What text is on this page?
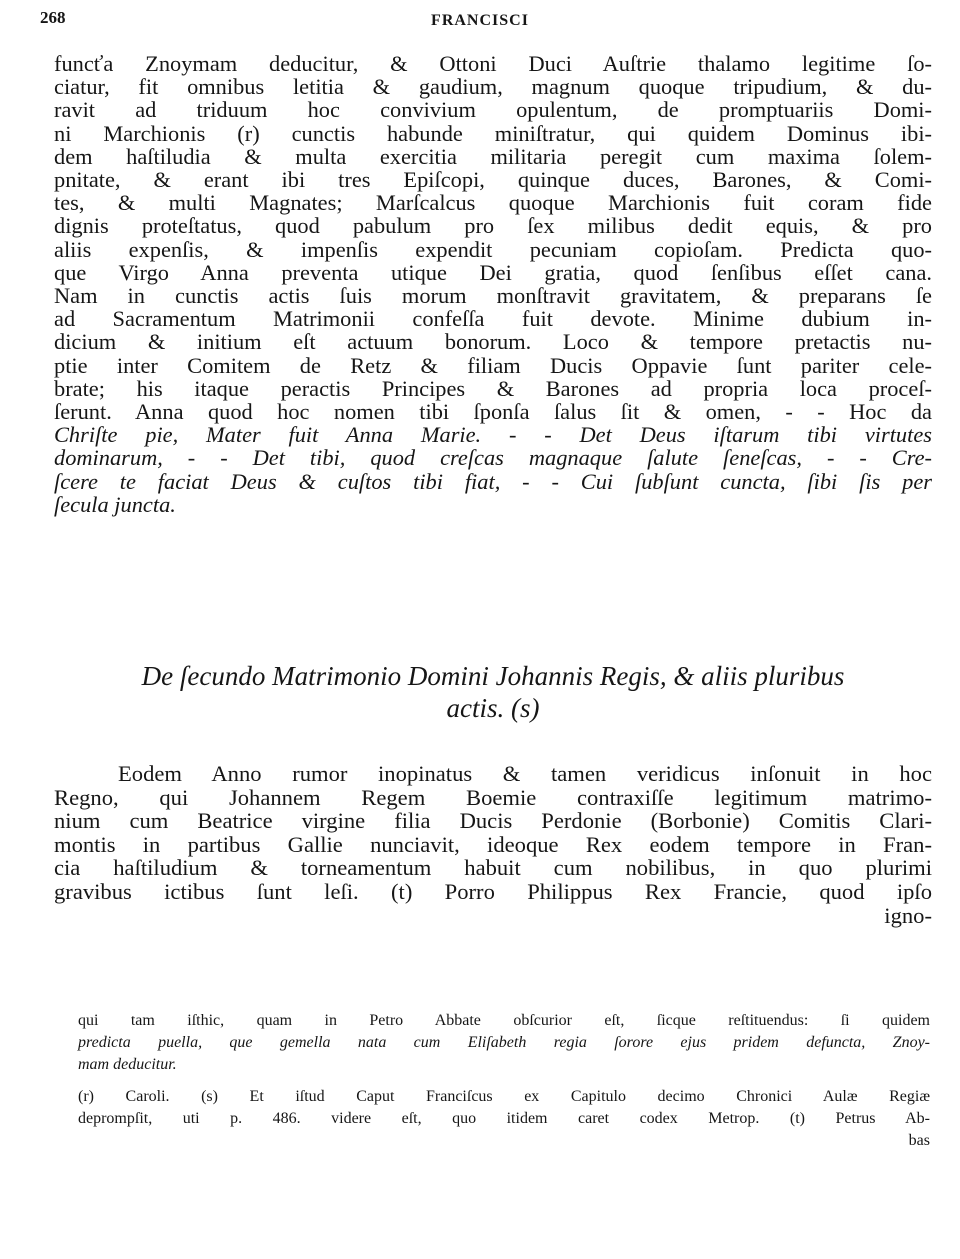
268	FRANCISCI

funcťa Znoymam deducitur, & Ottoni Duci Auſtrie thalamo legitime ſo-

ciatur, fit omnibus letitia & gaudium, magnum quoque tripudium, & du-

ravit ad triduum hoc convivium opulentum, de promptuariis Domi-

ni Marchionis (r) cunctis habunde miniſtratur, qui quidem Dominus ibi-

dem haſtiludia & multa exercitia militaria peregit cum maxima ſolem-

pnitate, & erant ibi tres Epiſcopi, quinque duces, Barones, & Comi-

tes, & multi Magnates; Marſcalcus quoque Marchionis fuit coram fide

dignis proteſtatus, quod pabulum pro ſex milibus dedit equis, & pro

aliis expenſis, & impenſis expendit pecuniam copioſam. Predicta quo-

que Virgo Anna preventa utique Dei gratia, quod ſenſibus eſſet cana.

Nam in cunctis actis ſuis morum monſtravit gravitatem, & preparans ſe

ad Sacramentum Matrimonii confeſſa fuit devote. Minime dubium in-

dicium & initium eſt actuum bonorum. Loco & tempore pretactis nu-

ptie inter Comitem de Retz & filiam Ducis Oppavie ſunt pariter cele-

brate; his itaque peractis Principes & Barones ad propria loca proceſ-

ſerunt. Anna quod hoc nomen tibi ſponſa ſalus ſit & omen, - - Hoc da

Chriſte pie, Mater fuit Anna Marie. - - Det Deus iſtarum tibi virtutes

dominarum, - - Det tibi, quod creſcas magnaque ſalute ſeneſcas, - - Cre-

ſcere te faciat Deus & cuſtos tibi fiat, - - Cui ſubſunt cuncta, ſibi ſis per

ſecula juncta.

De ſecundo Matrimonio Domini Johannis Regis, & aliis pluribus

actis. (s)

Eodem Anno rumor inopinatus & tamen veridicus inſonuit in hoc

Regno, qui Johannem Regem Boemie contraxiſſe legitimum matrimo-

nium cum Beatrice virgine filia Ducis Perdonie (Borbonie) Comitis Clari-

montis in partibus Gallie nunciavit, ideoque Rex eodem tempore in Fran-

cia haſtiludium & torneamentum habuit cum nobilibus, in quo plurimi

gravibus ictibus ſunt leſi. (t) Porro Philippus Rex Francie, quod ipſo

igno-

qui tam iſthic, quam in Petro Abbate obſcurior eſt, ſicque reſtituendus: ſi quidem

predicta puella, que gemella nata cum Eliſabeth regia ſorore ejus pridem defuncta, Znoy-

mam deducitur.

(r) Caroli. (s) Et iſtud Caput Franciſcus ex Capitulo decimo Chronici Aulæ Regiæ

deprompſit, uti p. 486. videre eſt, quo itidem caret codex Metrop. (t) Petrus Ab-

bas
